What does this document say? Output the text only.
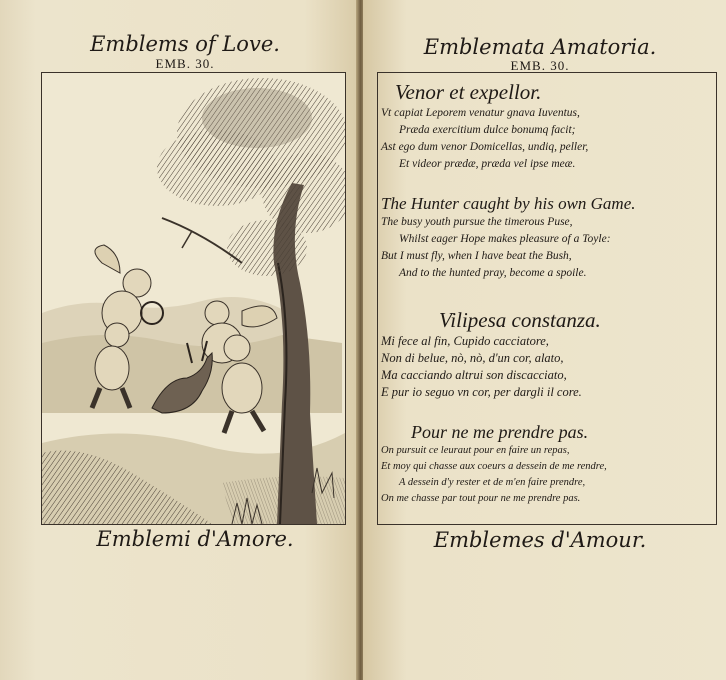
Emblems of Love.
EMB. 30.
Emblemi d'Amore.
Emblemata Amatoria.
EMB. 30.
Venor et expellor.
Vt capiat Leporem venatur gnava Iuventus,
Præda exercitium dulce bonumq facit;
Ast ego dum venor Domicellas, undiq, peller,
Et videor prædæ, præda vel ipse meæ.
The Hunter caught by his own Game.
The busy youth pursue the timerous Puse,
Whilst eager Hope makes pleasure of a Toyle:
But I must fly, when I have beat the Bush,
And to the hunted pray, become a spoile.
Vilipesa constanza.
Mi fece al fin, Cupido cacciatore,
Non di belue, nò, nò, d'un cor, alato,
Ma cacciando altrui son discacciato,
E pur io seguo vn cor, per dargli il core.
Pour ne me prendre pas.
On pursuit ce leuraut pour en faire un repas,
Et moy qui chasse aux coeurs a dessein de me rendre,
A dessein d'y rester et de m'en faire prendre,
On me chasse par tout pour ne me prendre pas.
Emblemes d'Amour.
